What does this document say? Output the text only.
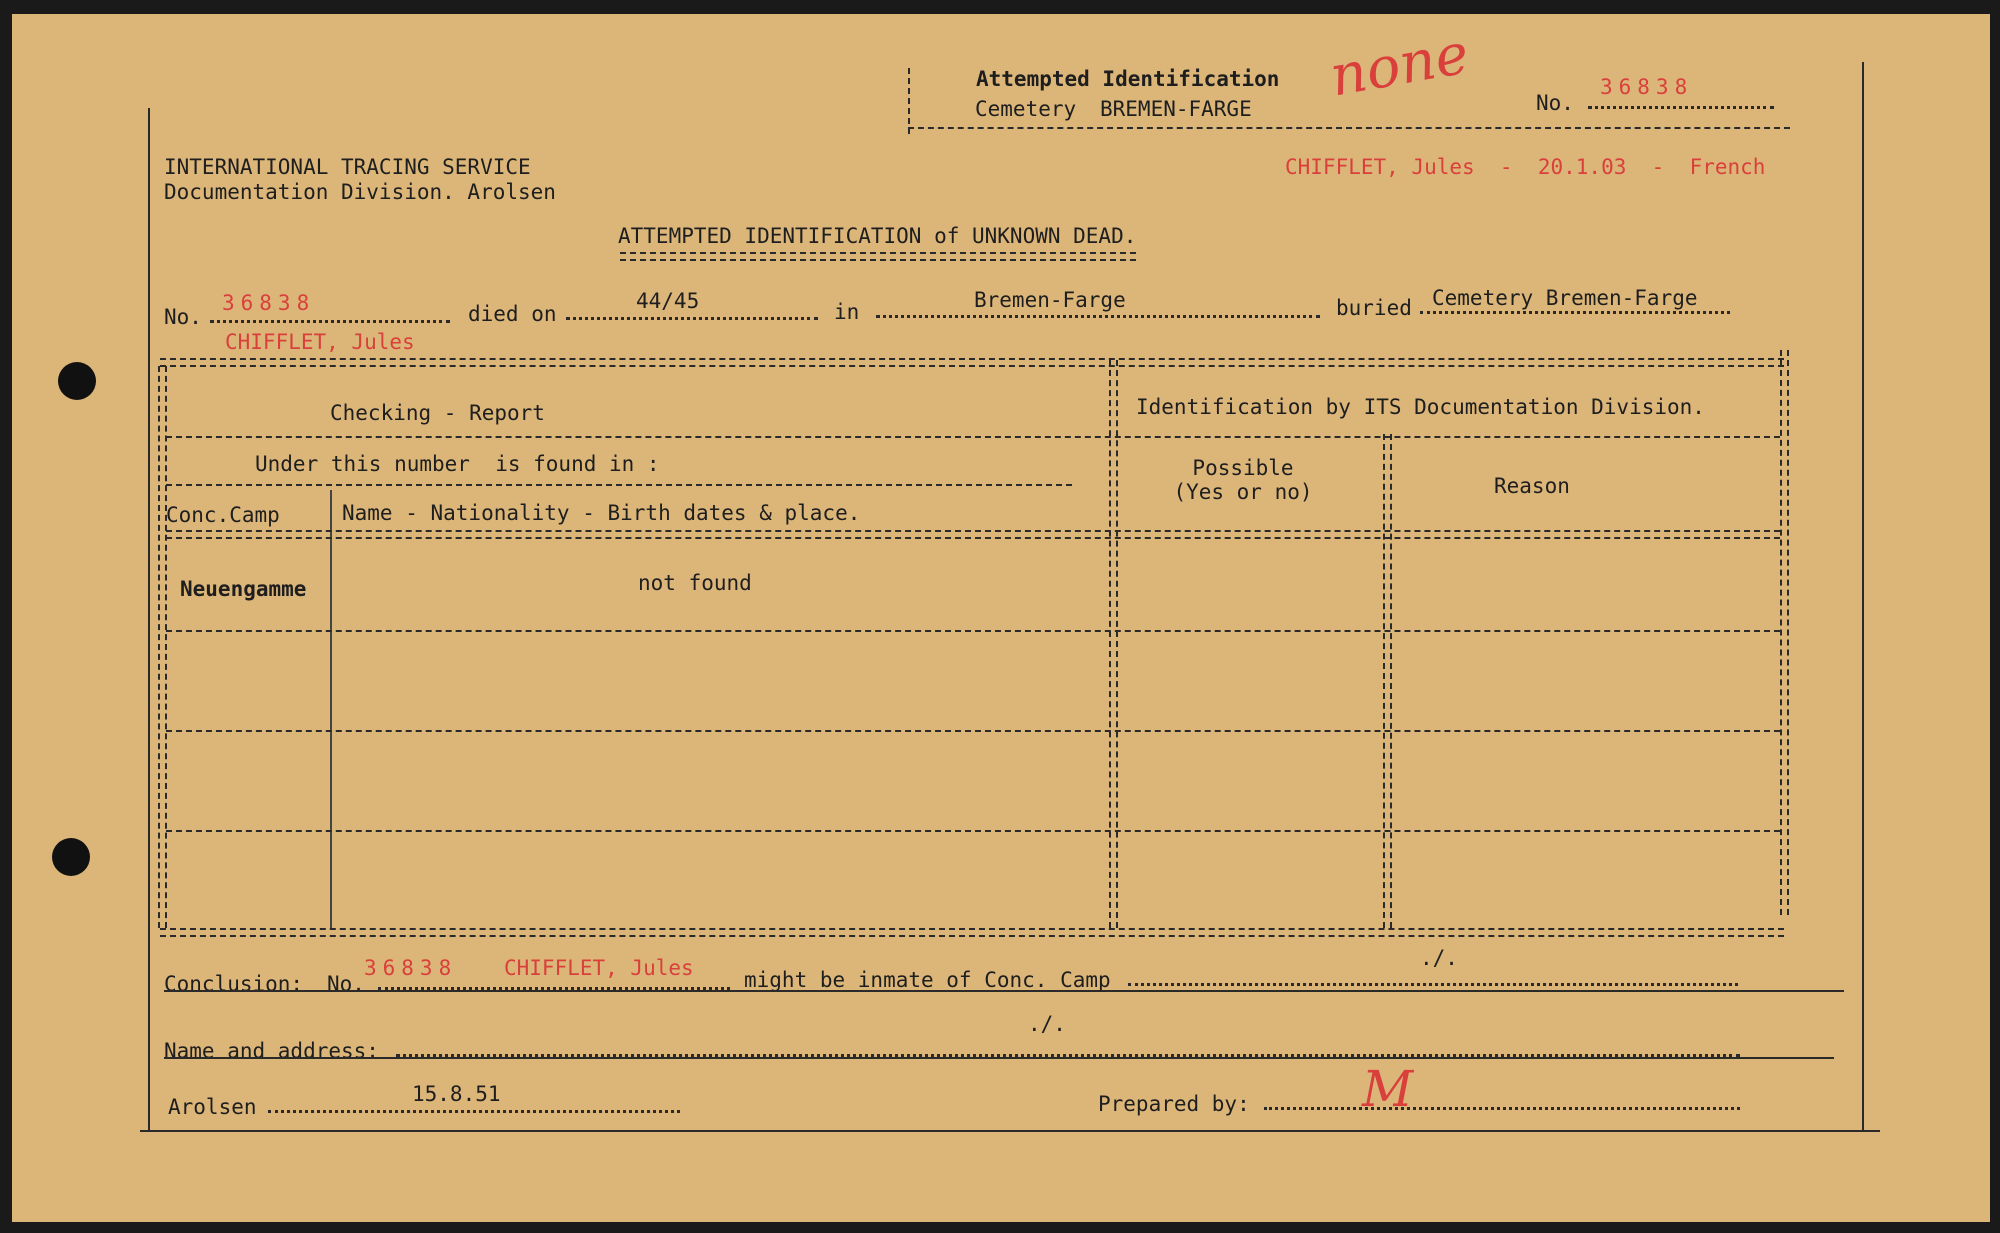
Attempted Identification
Cemetery BREMEN-FARGE none	No.
36838
INTERNATIONAL TRACING SERVICE
Documentation Division. Arolsen
CHIFFLET, Jules  -  20.1.03  -  French
ATTEMPTED IDENTIFICATION of UNKNOWN DEAD.
No.
36838	died on
44/45	in	Bremen-Farge	buried Cemetery Bremen-Farge
CHIFFLET, Jules
Checking - Report	Identification by ITS Documentation Division.
Under this number  is found in :
Conc.Camp	Name - Nationality - Birth dates & place.
Possible
(Yes or no)	Reason
Neuengamme	not found
Conclusion: No.
36838 CHIFFLET, Jules might be inmate of Conc. Camp
./.
Name and address:
./.
Arolsen
15.8.51	Prepared by: M
